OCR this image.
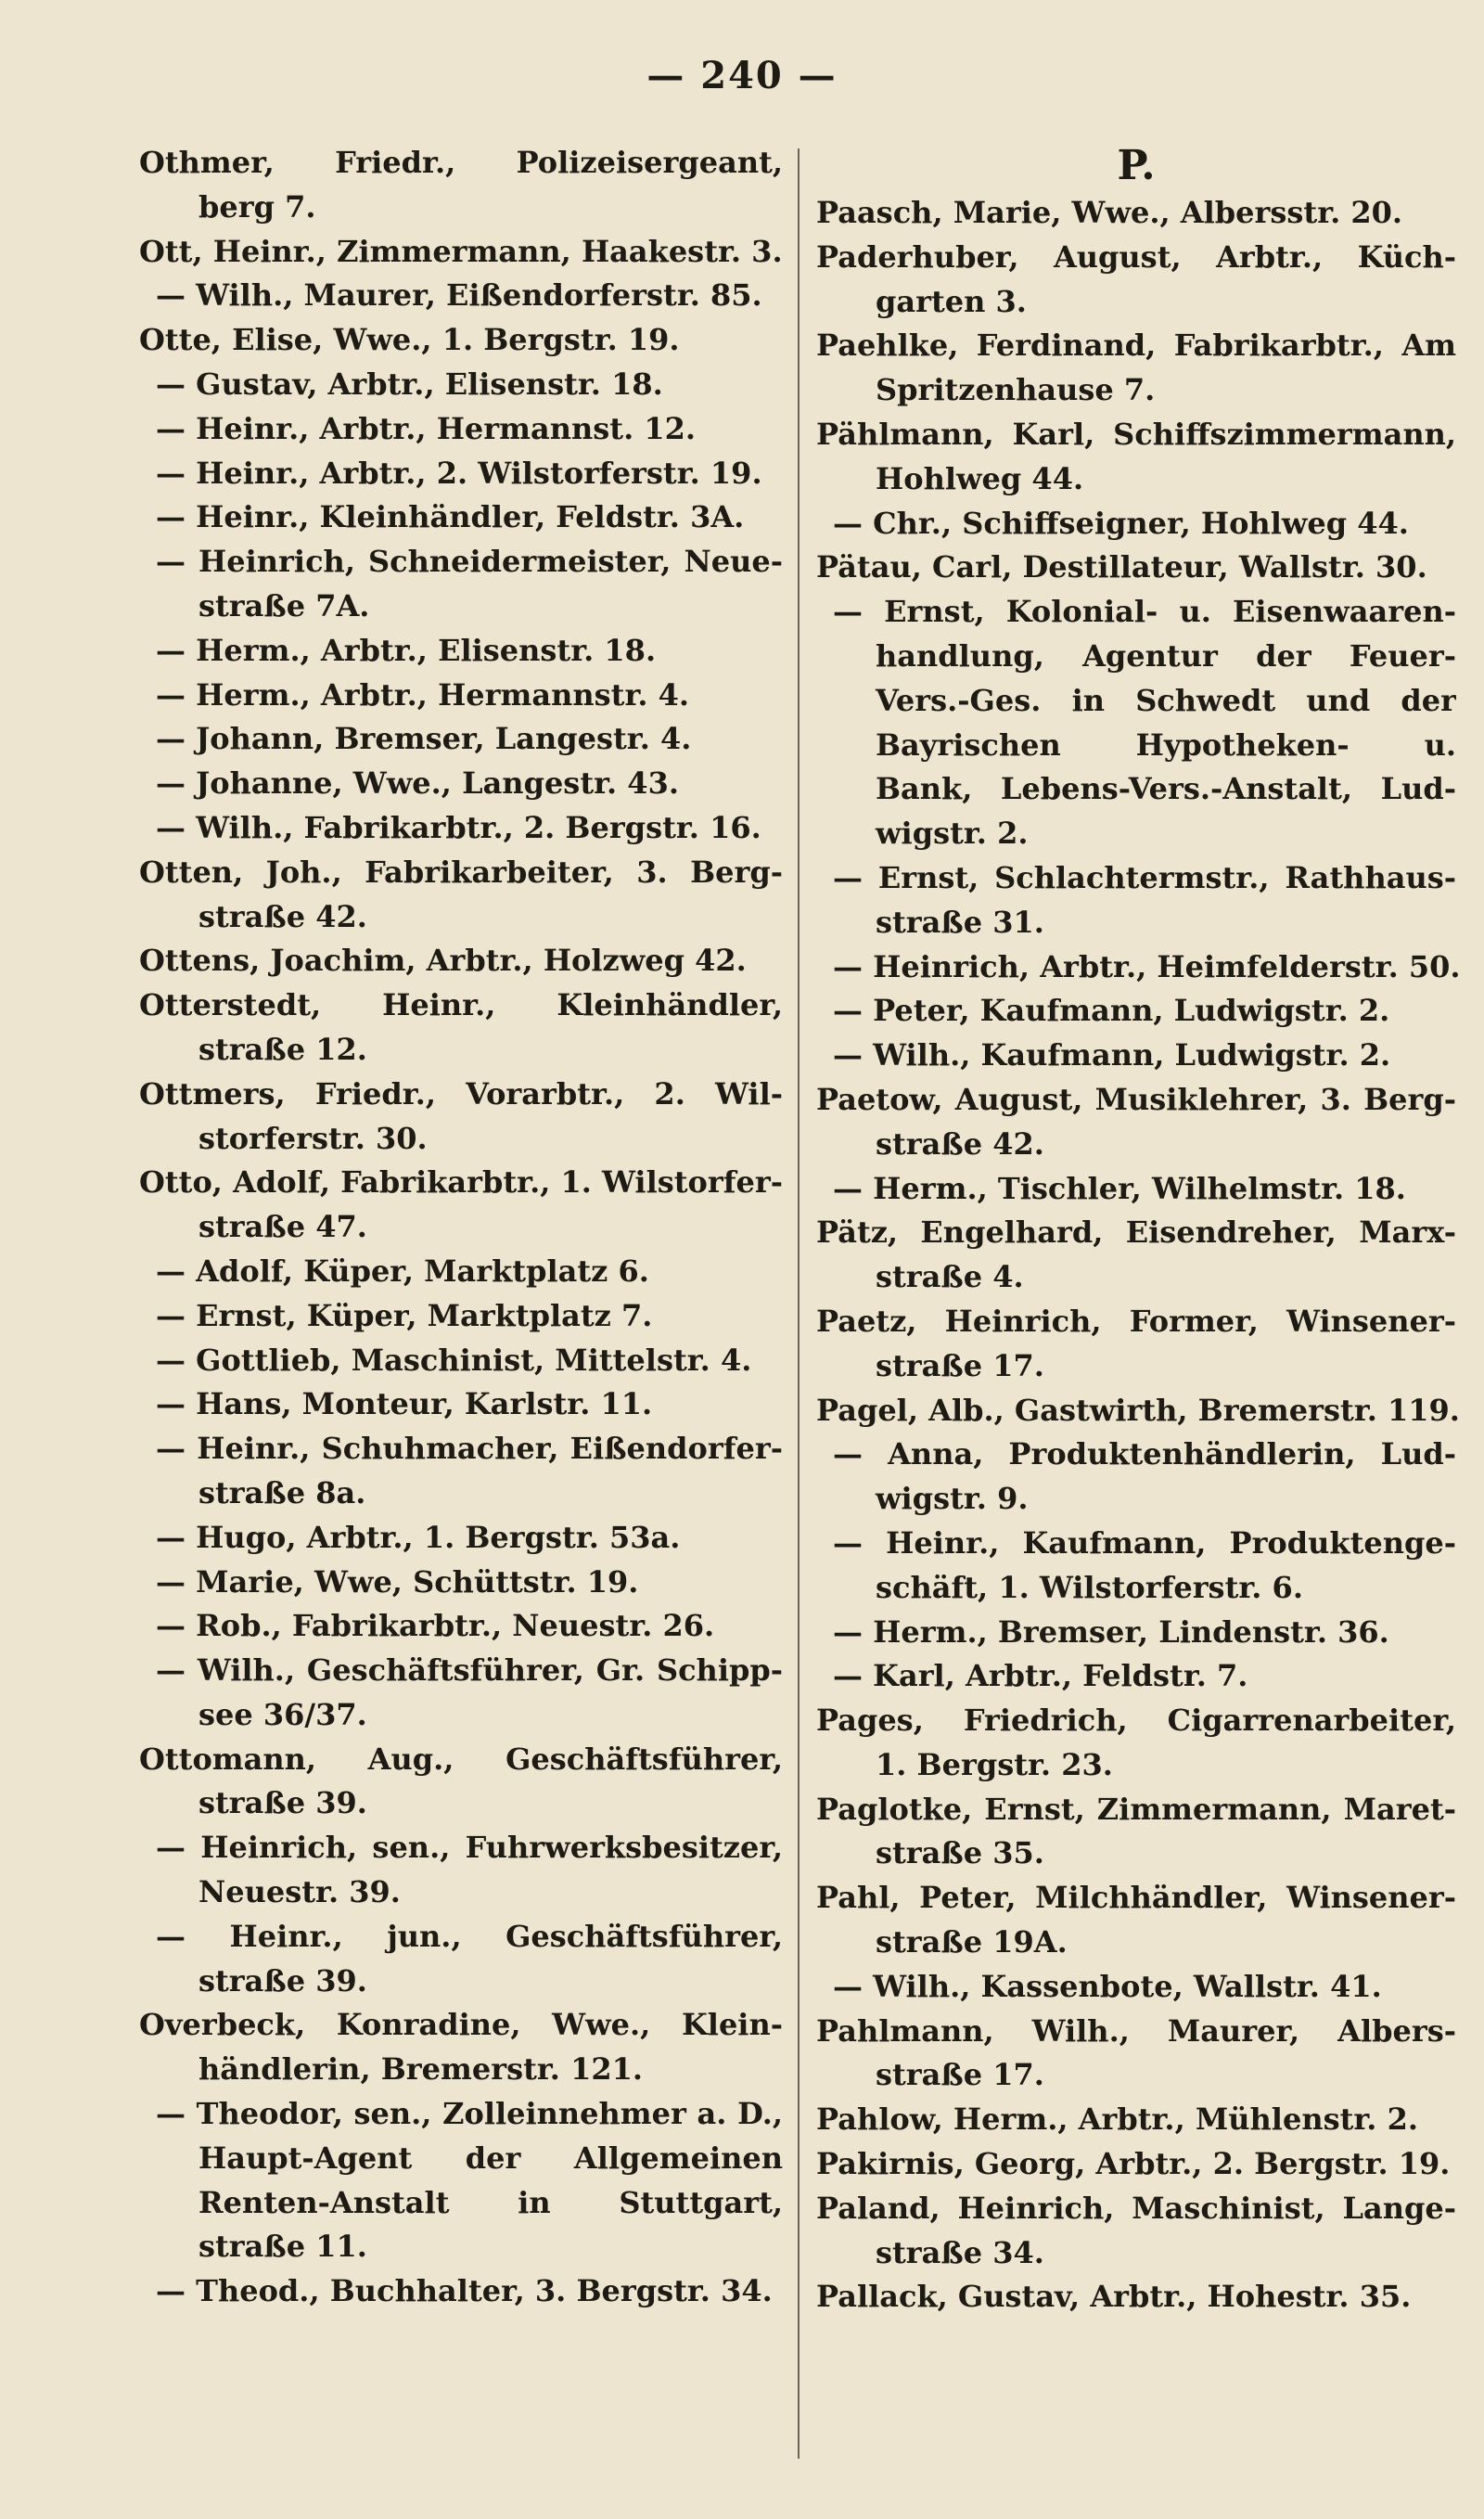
— 240 —
Othmer, Friedr., Polizeisergeant,
berg 7.
Ott, Heinr., Zimmermann, Haakestr. 3.
— Wilh., Maurer, Eißendorferstr. 85.
Otte, Elise, Wwe., 1. Bergstr. 19.
— Gustav, Arbtr., Elisenstr. 18.
— Heinr., Arbtr., Hermannst. 12.
— Heinr., Arbtr., 2. Wilstorferstr. 19.
— Heinr., Kleinhändler, Feldstr. 3A.
— Heinrich, Schneidermeister, Neue-
straße 7A.
— Herm., Arbtr., Elisenstr. 18.
— Herm., Arbtr., Hermannstr. 4.
— Johann, Bremser, Langestr. 4.
— Johanne, Wwe., Langestr. 43.
— Wilh., Fabrikarbtr., 2. Bergstr. 16.
Otten, Joh., Fabrikarbeiter, 3. Berg-
straße 42.
Ottens, Joachim, Arbtr., Holzweg 42.
Otterstedt, Heinr., Kleinhändler,
straße 12.
Ottmers, Friedr., Vorarbtr., 2. Wil-
storferstr. 30.
Otto, Adolf, Fabrikarbtr., 1. Wilstorfer-
straße 47.
— Adolf, Küper, Marktplatz 6.
— Ernst, Küper, Marktplatz 7.
— Gottlieb, Maschinist, Mittelstr. 4.
— Hans, Monteur, Karlstr. 11.
— Heinr., Schuhmacher, Eißendorfer-
straße 8a.
— Hugo, Arbtr., 1. Bergstr. 53a.
— Marie, Wwe, Schüttstr. 19.
— Rob., Fabrikarbtr., Neuestr. 26.
— Wilh., Geschäftsführer, Gr. Schipp-
see 36/37.
Ottomann, Aug., Geschäftsführer,
straße 39.
— Heinrich, sen., Fuhrwerksbesitzer,
Neuestr. 39.
— Heinr., jun., Geschäftsführer,
straße 39.
Overbeck, Konradine, Wwe., Klein-
händlerin, Bremerstr. 121.
— Theodor, sen., Zolleinnehmer a. D.,
Haupt-Agent der Allgemeinen
Renten-Anstalt in Stuttgart,
straße 11.
— Theod., Buchhalter, 3. Bergstr. 34.
P.
Paasch, Marie, Wwe., Albersstr. 20.
Paderhuber, August, Arbtr., Küch-
garten 3.
Paehlke, Ferdinand, Fabrikarbtr., Am
Spritzenhause 7.
Pählmann, Karl, Schiffszimmermann,
Hohlweg 44.
— Chr., Schiffseigner, Hohlweg 44.
Pätau, Carl, Destillateur, Wallstr. 30.
— Ernst, Kolonial- u. Eisenwaaren-
handlung, Agentur der Feuer-
Vers.-Ges. in Schwedt und der
Bayrischen Hypotheken- u.
Bank, Lebens-Vers.-Anstalt, Lud-
wigstr. 2.
— Ernst, Schlachtermstr., Rathhaus-
straße 31.
— Heinrich, Arbtr., Heimfelderstr. 50.
— Peter, Kaufmann, Ludwigstr. 2.
— Wilh., Kaufmann, Ludwigstr. 2.
Paetow, August, Musiklehrer, 3. Berg-
straße 42.
— Herm., Tischler, Wilhelmstr. 18.
Pätz, Engelhard, Eisendreher, Marx-
straße 4.
Paetz, Heinrich, Former, Winsener-
straße 17.
Pagel, Alb., Gastwirth, Bremerstr. 119.
— Anna, Produktenhändlerin, Lud-
wigstr. 9.
— Heinr., Kaufmann, Produktenge-
schäft, 1. Wilstorferstr. 6.
— Herm., Bremser, Lindenstr. 36.
— Karl, Arbtr., Feldstr. 7.
Pages, Friedrich, Cigarrenarbeiter,
1. Bergstr. 23.
Paglotke, Ernst, Zimmermann, Maret-
straße 35.
Pahl, Peter, Milchhändler, Winsener-
straße 19A.
— Wilh., Kassenbote, Wallstr. 41.
Pahlmann, Wilh., Maurer, Albers-
straße 17.
Pahlow, Herm., Arbtr., Mühlenstr. 2.
Pakirnis, Georg, Arbtr., 2. Bergstr. 19.
Paland, Heinrich, Maschinist, Lange-
straße 34.
Pallack, Gustav, Arbtr., Hohestr. 35.
